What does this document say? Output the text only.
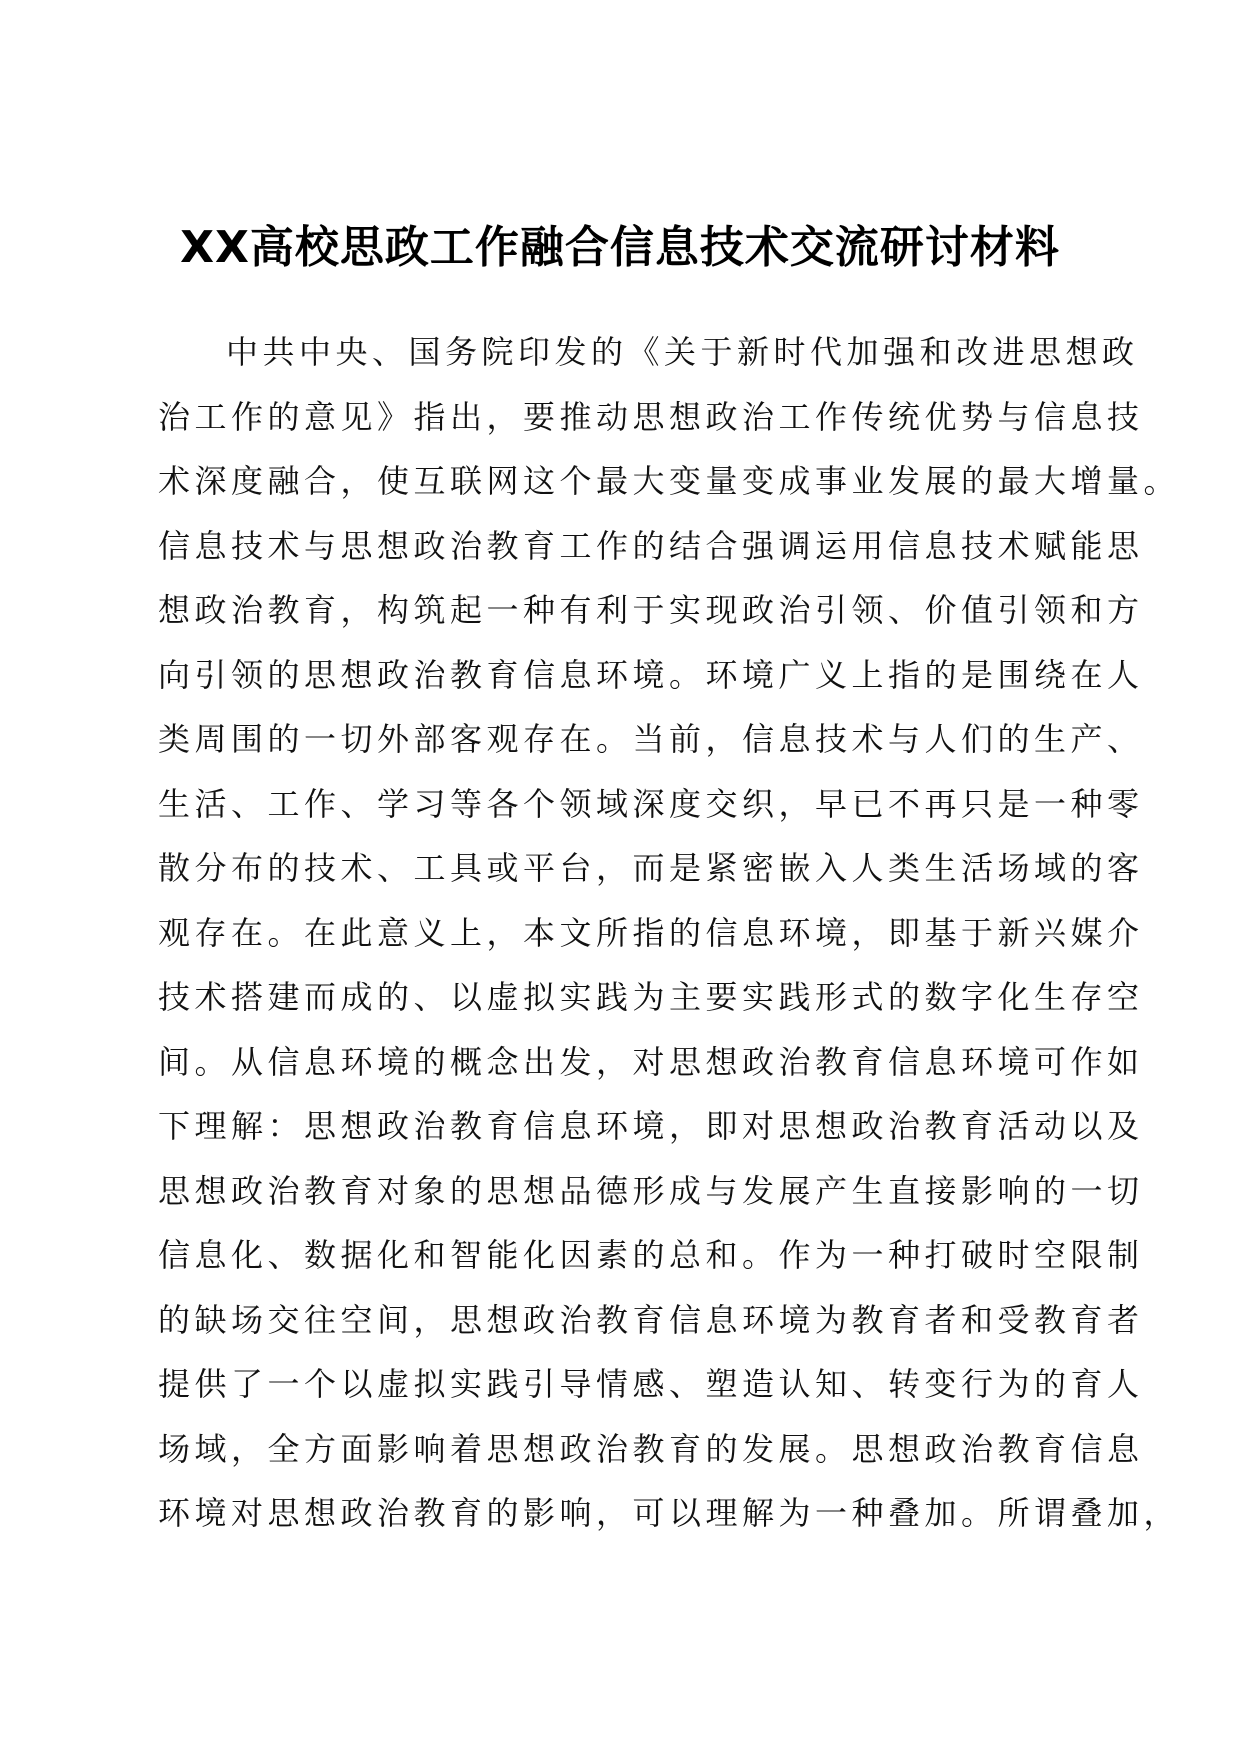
XX高校思政工作融合信息技术交流研讨材料
中共中央、国务院印发的《关于新时代加强和改进思想政
治工作的意见》指出，要推动思想政治工作传统优势与信息技
术深度融合，使互联网这个最大变量变成事业发展的最大增量。
信息技术与思想政治教育工作的结合强调运用信息技术赋能思
想政治教育，构筑起一种有利于实现政治引领、价值引领和方
向引领的思想政治教育信息环境。环境广义上指的是围绕在人
类周围的一切外部客观存在。当前，信息技术与人们的生产、
生活、工作、学习等各个领域深度交织，早已不再只是一种零
散分布的技术、工具或平台，而是紧密嵌入人类生活场域的客
观存在。在此意义上，本文所指的信息环境，即基于新兴媒介
技术搭建而成的、以虚拟实践为主要实践形式的数字化生存空
间。从信息环境的概念出发，对思想政治教育信息环境可作如
下理解：思想政治教育信息环境，即对思想政治教育活动以及
思想政治教育对象的思想品德形成与发展产生直接影响的一切
信息化、数据化和智能化因素的总和。作为一种打破时空限制
的缺场交往空间，思想政治教育信息环境为教育者和受教育者
提供了一个以虚拟实践引导情感、塑造认知、转变行为的育人
场域，全方面影响着思想政治教育的发展。思想政治教育信息
环境对思想政治教育的影响，可以理解为一种叠加。所谓叠加，
